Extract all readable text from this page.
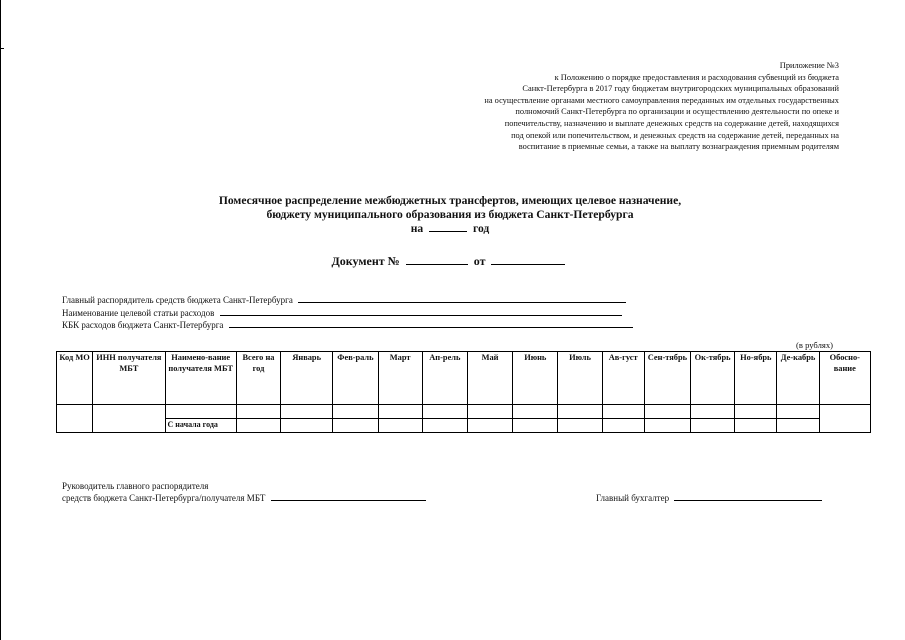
Приложение №3
к Положению о порядке предоставления и расходования субвенций из бюджета
Санкт-Петербурга в 2017 году бюджетам внутригородских муниципальных образований
на осуществление органами местного самоуправления переданных им отдельных государственных
полномочий Санкт-Петербурга по организации и осуществлению деятельности по опеке и
попечительству, назначению и выплате денежных средств на содержание детей, находящихся
под опекой или попечительством, и денежных средств на содержание детей, переданных на
воспитание в приемные семьи, а также на выплату вознаграждения приемным родителям
Помесячное распределение межбюджетных трансфертов, имеющих целевое назначение,
бюджету муниципального образования из бюджета Санкт-Петербурга
на	год
Документ №	от
Главный распорядитель средств бюджета Санкт-Петербурга
Наименование целевой статьи расходов
КБК расходов бюджета Санкт-Петербурга
(в рублях)
Код МО	ИНН получателя МБТ	Наимено-вание получателя МБТ	Всего на год	Январь	Фев-раль	Март	Ап-рель	Май	Июнь	Июль	Ав-густ	Сен-тябрь	Ок-тябрь	Но-ябрь	Де-кабрь	Обосно-вание

		С начала года														
Руководитель главного распорядителя
средств бюджета Санкт-Петербурга/получателя МБТ	Главный бухгалтер
